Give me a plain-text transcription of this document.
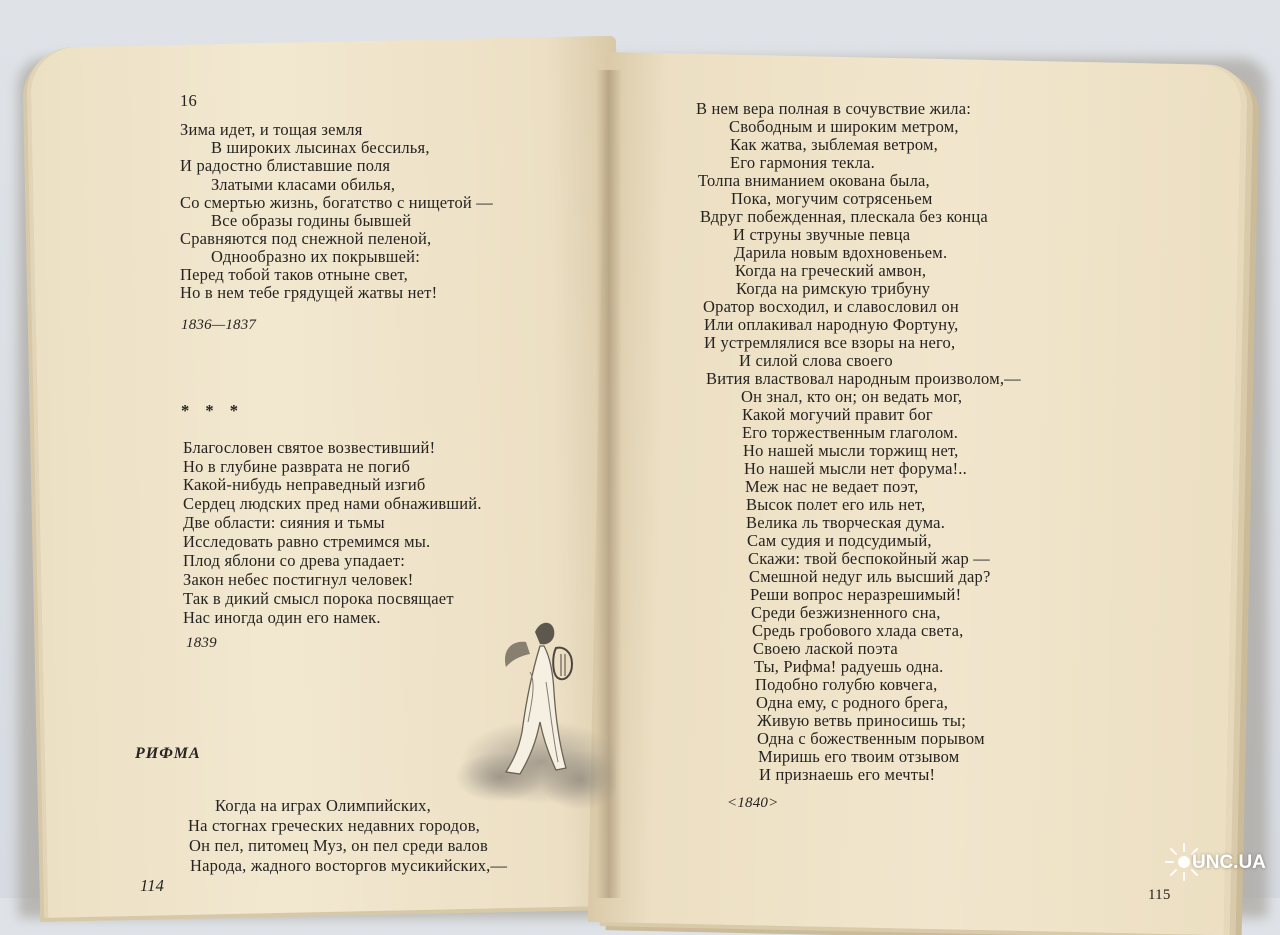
16
Зима идет, и тощая земля
В широких лысинах бессилья,
И радостно блиставшие поля
Златыми класами обилья,
Со смертью жизнь, богатство с нищетой —
Все образы годины бывшей
Сравняются под снежной пеленой,
Однообразно их покрывшей:
Перед тобой таков отныне свет,
Но в нем тебе грядущей жатвы нет!
1836—1837
* * *
Благословен святое возвестивший!
Но в глубине разврата не погиб
Какой-нибудь неправедный изгиб
Сердец людских пред нами обнаживший.
Две области: сияния и тьмы
Исследовать равно стремимся мы.
Плод яблони со древа упадает:
Закон небес постигнул человек!
Так в дикий смысл порока посвящает
Нас иногда один его намек.
1839
РИФМА
Когда на играх Олимпийских,
На стогнах греческих недавних городов,
Он пел, питомец Муз, он пел среди валов
Народа, жадного восторгов мусикийских,—
114
В нем вера полная в сочувствие жила:
Свободным и широким метром,
Как жатва, зыблемая ветром,
Его гармония текла.
Толпа вниманием окована была,
Пока, могучим сотрясеньем
Вдруг побежденная, плескала без конца
И струны звучные певца
Дарила новым вдохновеньем.
Когда на греческий амвон,
Когда на римскую трибуну
Оратор восходил, и славословил он
Или оплакивал народную Фортуну,
И устремлялися все взоры на него,
И силой слова своего
Вития властвовал народным произволом,—
Он знал, кто он; он ведать мог,
Какой могучий правит бог
Его торжественным глаголом.
Но нашей мысли торжищ нет,
Но нашей мысли нет форума!..
Меж нас не ведает поэт,
Высок полет его иль нет,
Велика ль творческая дума.
Сам судия и подсудимый,
Скажи: твой беспокойный жар —
Смешной недуг иль высший дар?
Реши вопрос неразрешимый!
Среди безжизненного сна,
Средь гробового хлада света,
Своею лаской поэта
Ты, Рифма! радуешь одна.
Подобно голубю ковчега,
Одна ему, с родного брега,
Живую ветвь приносишь ты;
Одна с божественным порывом
Миришь его твоим отзывом
И признаешь его мечты!
<1840>
115
UNC.UA
